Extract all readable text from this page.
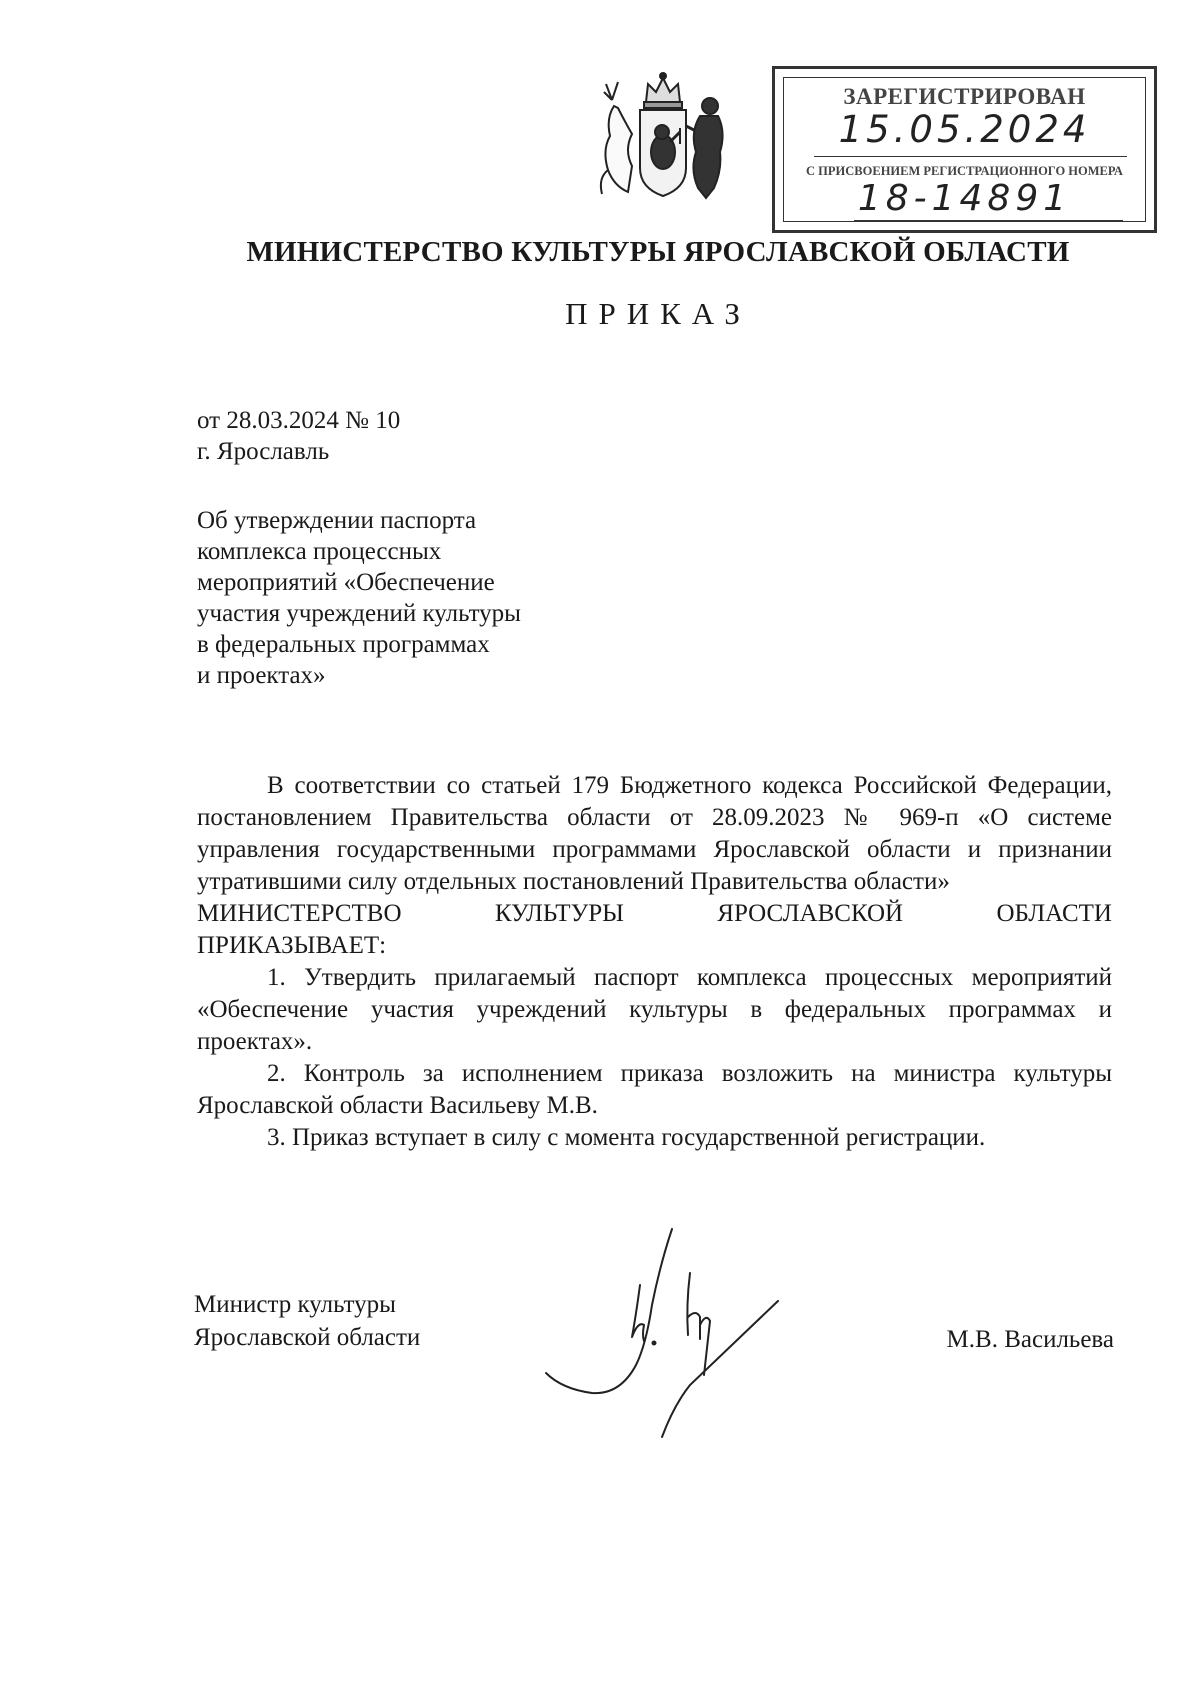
ЗАРЕГИСТРИРОВАН
15.05.2024
С ПРИСВОЕНИЕМ РЕГИСТРАЦИОННОГО НОМЕРА
18-14891
МИНИСТЕРСТВО КУЛЬТУРЫ ЯРОСЛАВСКОЙ ОБЛАСТИ
ПРИКАЗ
от 28.03.2024 № 10
г. Ярославль
Об утверждении паспорта
комплекса процессных
мероприятий «Обеспечение
участия учреждений культуры
в федеральных программах
и проектах»

В соответствии со статьей 179 Бюджетного кодекса Российской Федерации, постановлением Правительства области от 28.09.2023 № 969-п «О системе управления государственными программами Ярославской области и признании утратившими силу отдельных постановлений Правительства области»

МИНИСТЕРСТВО КУЛЬТУРЫ ЯРОСЛАВСКОЙ ОБЛАСТИ

ПРИКАЗЫВАЕТ:

1. Утвердить прилагаемый паспорт комплекса процессных мероприятий «Обеспечение участия учреждений культуры в федеральных программах и проектах».

2. Контроль за исполнением приказа возложить на министра культуры Ярославской области Васильеву М.В.

3. Приказ вступает в силу с момента государственной регистрации.

Министр культуры
Ярославской области	М.В. Васильева
